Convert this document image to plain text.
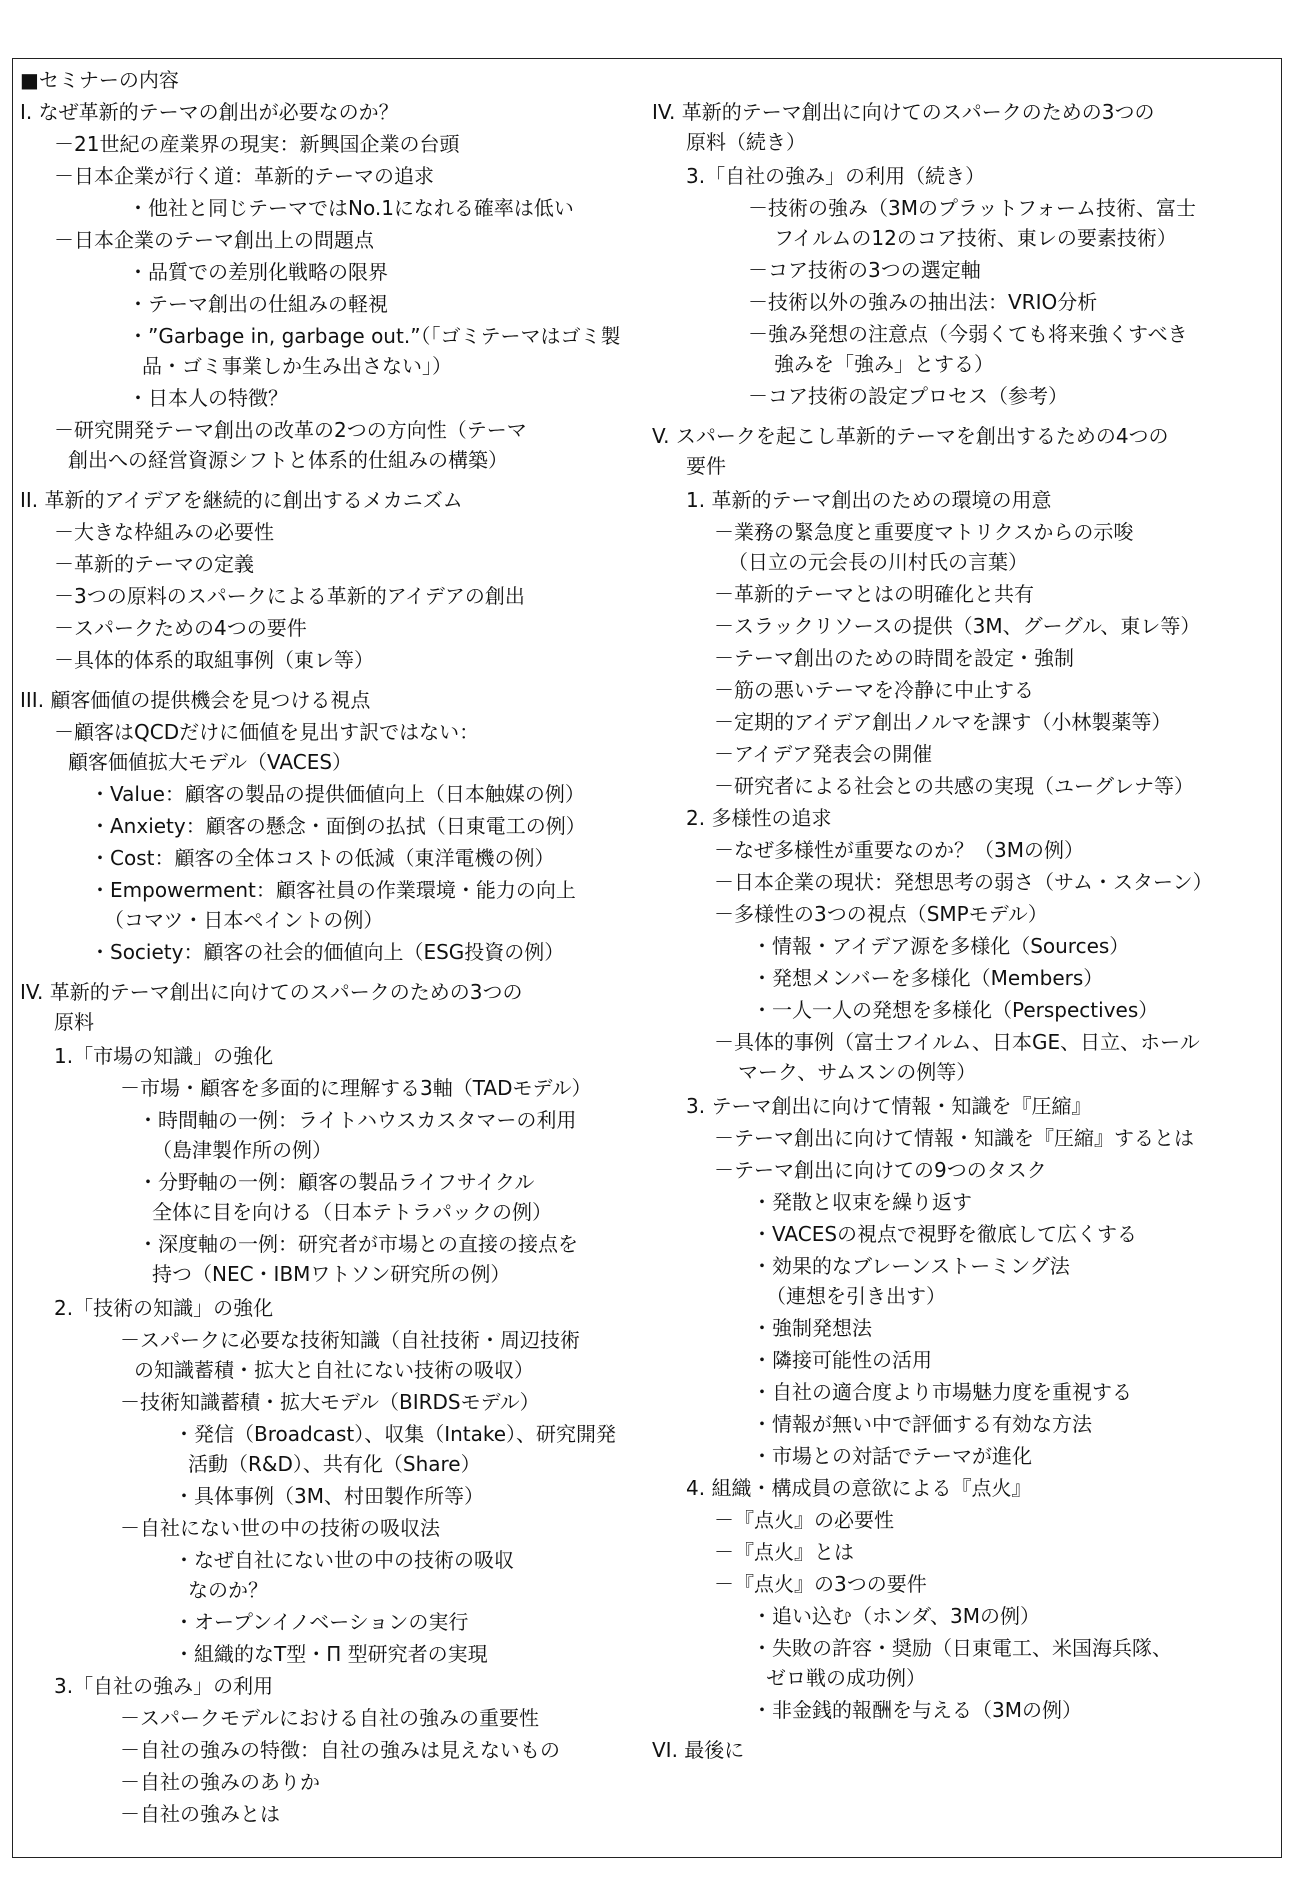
■セミナーの内容
I. なぜ革新的テーマの創出が必要なのか？
－21世紀の産業界の現実：新興国企業の台頭
－日本企業が行く道：革新的テーマの追求
・他社と同じテーマではNo.1になれる確率は低い
－日本企業のテーマ創出上の問題点
・品質での差別化戦略の限界
・テーマ創出の仕組みの軽視
・”Garbage in, garbage out.”（「ゴミテーマはゴミ製
品・ゴミ事業しか生み出さない」）
・日本人の特徴？
－研究開発テーマ創出の改革の2つの方向性（テーマ
創出への経営資源シフトと体系的仕組みの構築）
II. 革新的アイデアを継続的に創出するメカニズム
－大きな枠組みの必要性
－革新的テーマの定義
－3つの原料のスパークによる革新的アイデアの創出
－スパークための4つの要件
－具体的体系的取組事例（東レ等）
III. 顧客価値の提供機会を見つける視点
－顧客はQCDだけに価値を見出す訳ではない：
顧客価値拡大モデル（VACES）
・Value：顧客の製品の提供価値向上（日本触媒の例）
・Anxiety：顧客の懸念・面倒の払拭（日東電工の例）
・Cost：顧客の全体コストの低減（東洋電機の例）
・Empowerment：顧客社員の作業環境・能力の向上
（コマツ・日本ペイントの例）
・Society：顧客の社会的価値向上（ESG投資の例）
IV. 革新的テーマ創出に向けてのスパークのための3つの
原料
1.「市場の知識」の強化
－市場・顧客を多面的に理解する3軸（TADモデル）
・時間軸の一例：ライトハウスカスタマーの利用
（島津製作所の例）
・分野軸の一例：顧客の製品ライフサイクル
全体に目を向ける（日本テトラパックの例）
・深度軸の一例：研究者が市場との直接の接点を
持つ（NEC・IBMワトソン研究所の例）
2.「技術の知識」の強化
－スパークに必要な技術知識（自社技術・周辺技術
の知識蓄積・拡大と自社にない技術の吸収）
－技術知識蓄積・拡大モデル（BIRDSモデル）
・発信（Broadcast）、収集（Intake）、研究開発
活動（R&D）、共有化（Share）
・具体事例（3M、村田製作所等）
－自社にない世の中の技術の吸収法
・なぜ自社にない世の中の技術の吸収
なのか？
・オープンイノベーションの実行
・組織的なT型・Π 型研究者の実現
3.「自社の強み」の利用
－スパークモデルにおける自社の強みの重要性
－自社の強みの特徴：自社の強みは見えないもの
－自社の強みのありか
－自社の強みとは
IV. 革新的テーマ創出に向けてのスパークのための3つの
原料（続き）
3.「自社の強み」の利用（続き）
－技術の強み（3Mのプラットフォーム技術、富士
フイルムの12のコア技術、東レの要素技術）
－コア技術の3つの選定軸
－技術以外の強みの抽出法：VRIO分析
－強み発想の注意点（今弱くても将来強くすべき
強みを「強み」とする）
－コア技術の設定プロセス（参考）
V. スパークを起こし革新的テーマを創出するための4つの
要件
1. 革新的テーマ創出のための環境の用意
－業務の緊急度と重要度マトリクスからの示唆
（日立の元会長の川村氏の言葉）
－革新的テーマとはの明確化と共有
－スラックリソースの提供（3M、グーグル、東レ等）
－テーマ創出のための時間を設定・強制
－筋の悪いテーマを冷静に中止する
－定期的アイデア創出ノルマを課す（小林製薬等）
－アイデア発表会の開催
－研究者による社会との共感の実現（ユーグレナ等）
2. 多様性の追求
－なぜ多様性が重要なのか？（3Mの例）
－日本企業の現状：発想思考の弱さ（サム・スターン）
－多様性の3つの視点（SMPモデル）
・情報・アイデア源を多様化（Sources）
・発想メンバーを多様化（Members）
・一人一人の発想を多様化（Perspectives）
－具体的事例（富士フイルム、日本GE、日立、ホール
マーク、サムスンの例等）
3. テーマ創出に向けて情報・知識を『圧縮』
－テーマ創出に向けて情報・知識を『圧縮』するとは
－テーマ創出に向けての9つのタスク
・発散と収束を繰り返す
・VACESの視点で視野を徹底して広くする
・効果的なブレーンストーミング法
（連想を引き出す）
・強制発想法
・隣接可能性の活用
・自社の適合度より市場魅力度を重視する
・情報が無い中で評価する有効な方法
・市場との対話でテーマが進化
4. 組織・構成員の意欲による『点火』
－『点火』の必要性
－『点火』とは
－『点火』の3つの要件
・追い込む（ホンダ、3Mの例）
・失敗の許容・奨励（日東電工、米国海兵隊、
ゼロ戦の成功例）
・非金銭的報酬を与える（3Mの例）
VI. 最後に
